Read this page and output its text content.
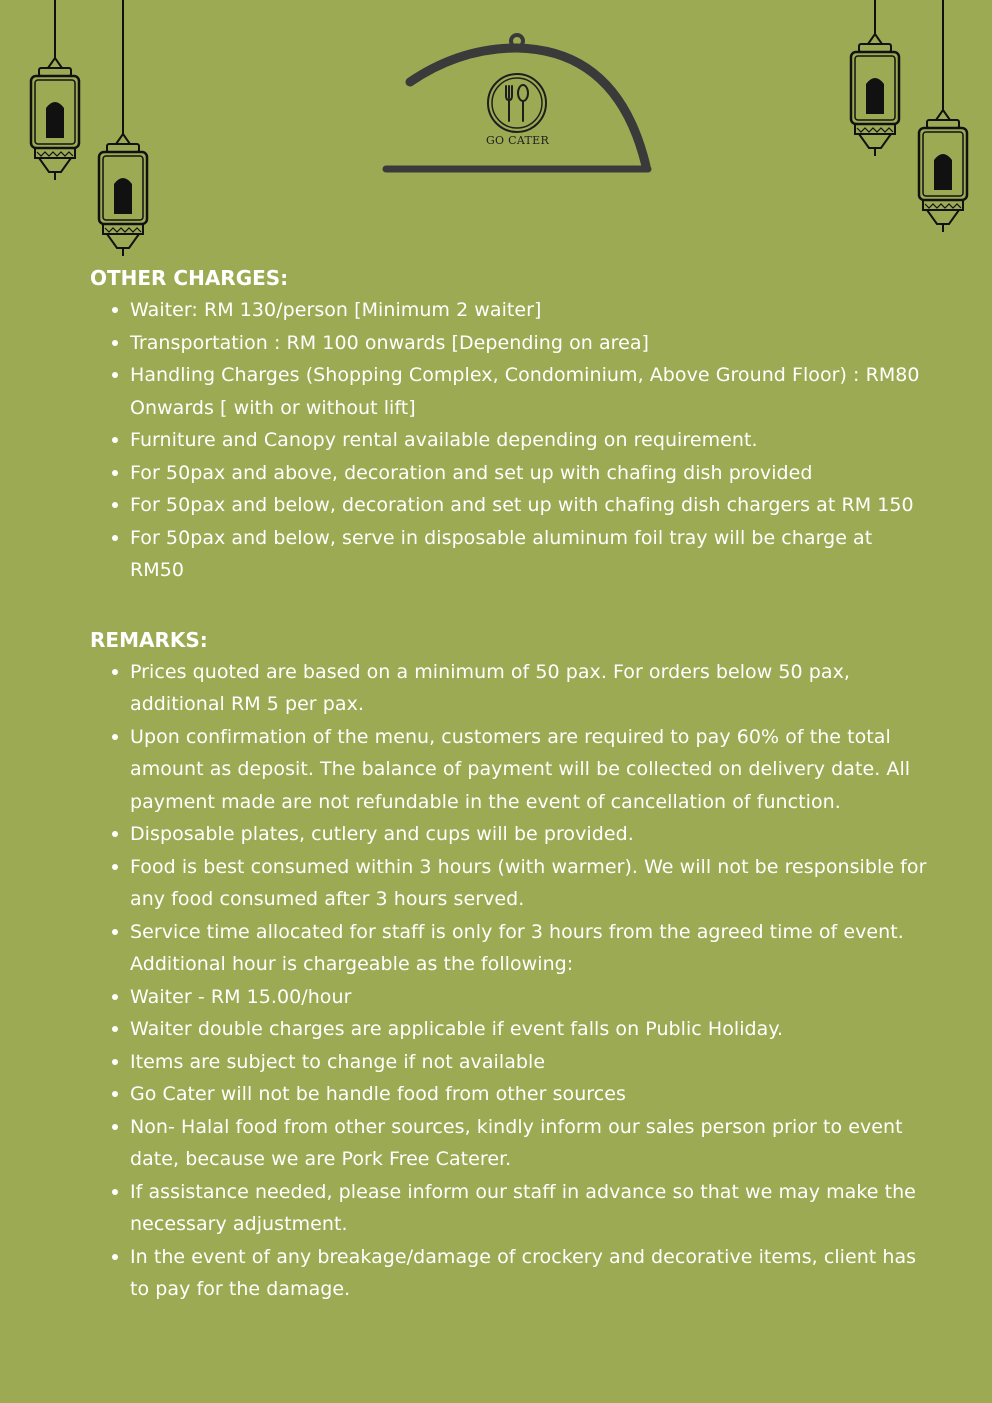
GO CATER
OTHER CHARGES:
Waiter: RM 130/person [Minimum 2 waiter]
Transportation : RM 100 onwards [Depending on area]
Handling Charges (Shopping Complex, Condominium, Above Ground Floor) : RM80 Onwards [ with or without lift]
Furniture and Canopy rental available depending on requirement.
For 50pax and above, decoration and set up with chafing dish provided
For 50pax and below, decoration and set up with chafing dish chargers at RM 150
For 50pax and below, serve in disposable aluminum foil tray will be charge at RM50
REMARKS:
Prices quoted are based on a minimum of 50 pax. For orders below 50 pax, additional RM 5 per pax.
Upon confirmation of the menu, customers are required to pay 60% of the total amount as deposit. The balance of payment will be collected on delivery date. All payment made are not refundable in the event of cancellation of function.
Disposable plates, cutlery and cups will be provided.
Food is best consumed within 3 hours (with warmer). We will not be responsible for any food consumed after 3 hours served.
Service time allocated for staff is only for 3 hours from the agreed time of event. Additional hour is chargeable as the following:
Waiter - RM 15.00/hour
Waiter double charges are applicable if event falls on Public Holiday.
Items are subject to change if not available
Go Cater will not be handle food from other sources
Non- Halal food from other sources, kindly inform our sales person prior to event date, because we are Pork Free Caterer.
If assistance needed, please inform our staff in advance so that we may make the necessary adjustment.
In the event of any breakage/damage of crockery and decorative items, client has to pay for the damage.
